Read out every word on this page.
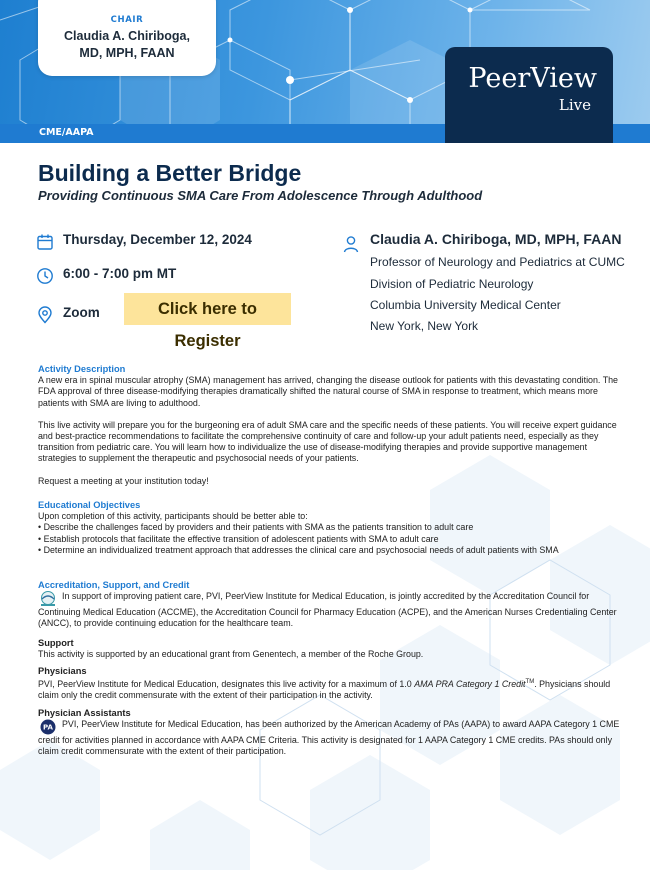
CHAIR
Claudia A. Chiriboga,
MD, MPH, FAAN
PeerView
Live
CME/AAPA
Building a Better Bridge
Providing Continuous SMA Care From Adolescence Through Adulthood
Thursday, December 12, 2024
6:00 - 7:00 pm MT
Zoom	Click here to Register
Claudia A. Chiriboga, MD, MPH, FAAN
Professor of Neurology and Pediatrics at CUMC
Division of Pediatric Neurology
Columbia University Medical Center
New York, New York
Activity Description
A new era in spinal muscular atrophy (SMA) management has arrived, changing the disease outlook for patients with this devastating condition. The FDA approval of three disease-modifying therapies dramatically shifted the natural course of SMA in response to treatment, which means more patients with SMA are living to adulthood.
This live activity will prepare you for the burgeoning era of adult SMA care and the specific needs of these patients. You will receive expert guidance and best-practice recommendations to facilitate the comprehensive continuity of care and follow-up your adult patients need, especially as they transition from pediatric care. You will learn how to individualize the use of disease-modifying therapies and provide supportive management strategies to supplement the therapeutic and psychosocial needs of your patients.
Request a meeting at your institution today!
Educational Objectives
Upon completion of this activity, participants should be better able to:
• Describe the challenges faced by providers and their patients with SMA as the patients transition to adult care
• Establish protocols that facilitate the effective transition of adolescent patients with SMA to adult care
• Determine an individualized treatment approach that addresses the clinical care and psychosocial needs of adult patients with SMA
Accreditation, Support, and Credit
In support of improving patient care, PVI, PeerView Institute for Medical Education, is jointly accredited by the Accreditation Council for Continuing Medical Education (ACCME), the Accreditation Council for Pharmacy Education (ACPE), and the American Nurses Credentialing Center (ANCC), to provide continuing education for the healthcare team.
Support
This activity is supported by an educational grant from Genentech, a member of the Roche Group.
Physicians
PVI, PeerView Institute for Medical Education, designates this live activity for a maximum of 1.0 AMA PRA Category 1 Credit™. Physicians should claim only the credit commensurate with the extent of their participation in the activity.
Physician Assistants
PA PVI, PeerView Institute for Medical Education, has been authorized by the American Academy of PAs (AAPA) to award AAPA Category 1 CME credit for activities planned in accordance with AAPA CME Criteria. This activity is designated for 1 AAPA Category 1 CME credits. PAs should only claim credit commensurate with the extent of their participation.
